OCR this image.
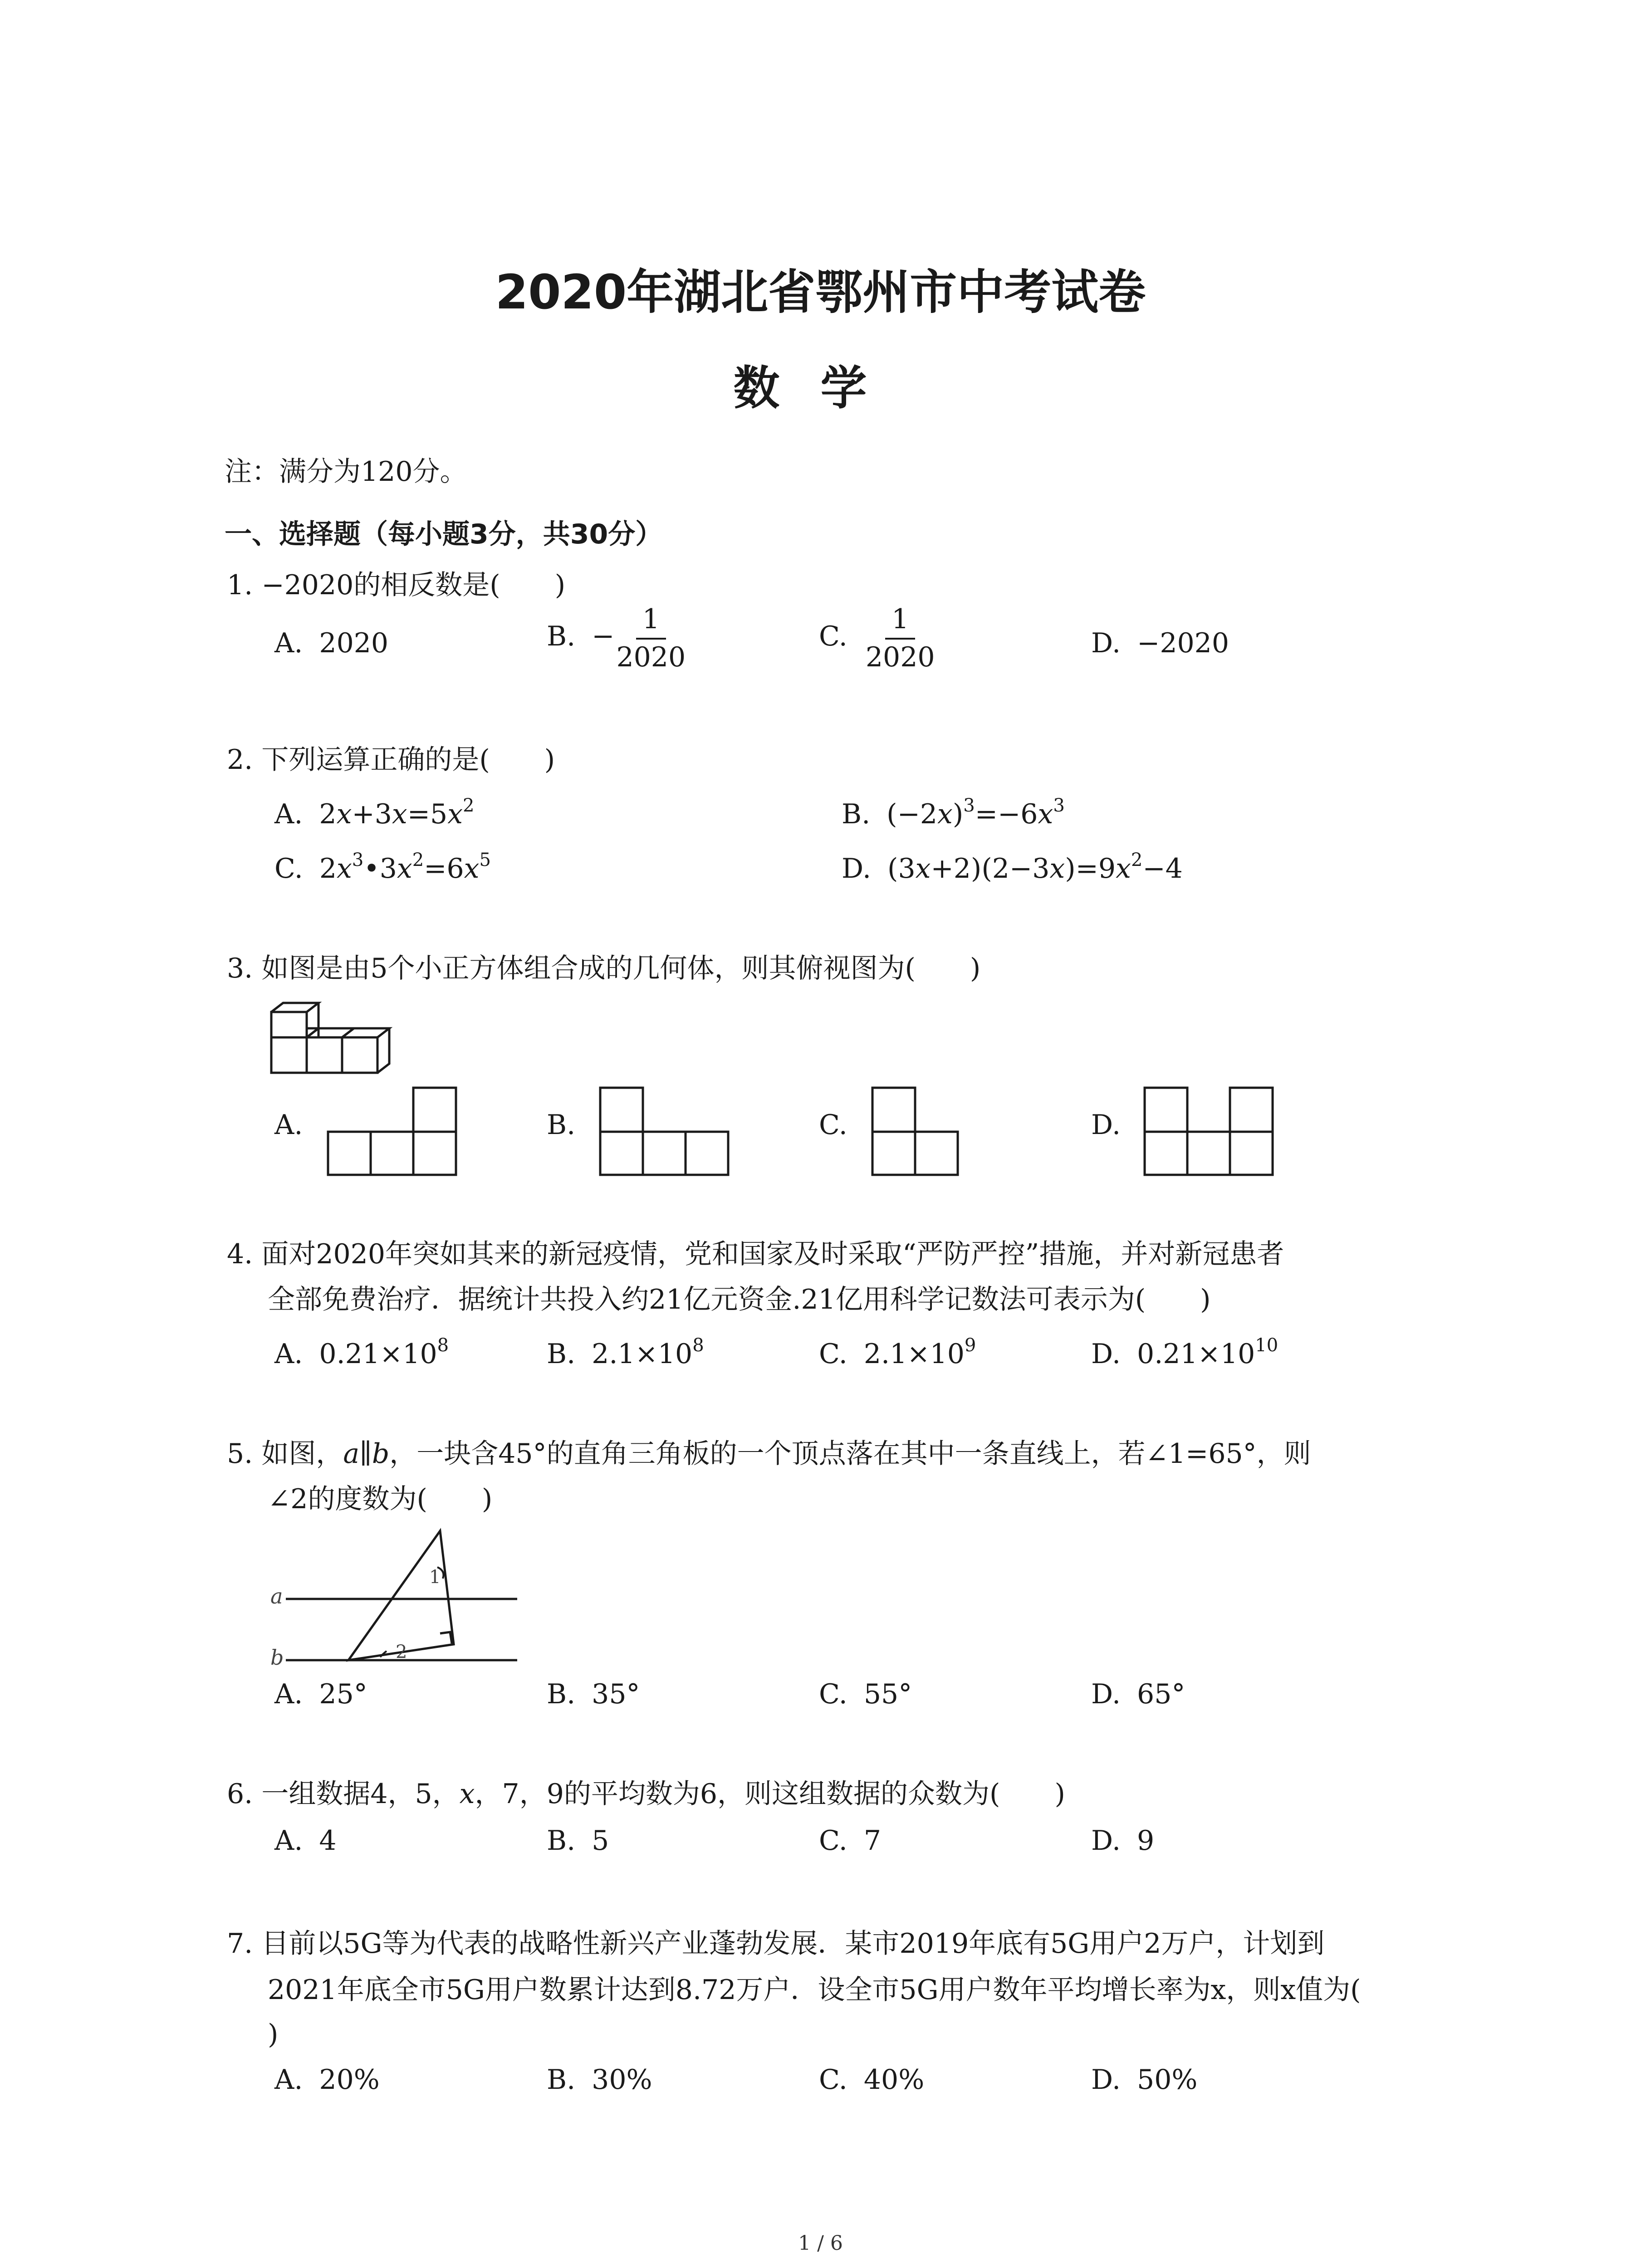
2020年湖北省鄂州市中考试卷
数学
注：满分为120分。
一、选择题（每小题3分，共30分）
1. −2020的相反数是(　　)
A. 2020	B. − $\frac{1}{2020}$	C. $\frac{1}{2020}$	D. −2020
2. 下列运算正确的是(　　)
A. $2x+3x=5x^2$	B. $(-2x)^3=-6x^3$
C. $2x^3•3x^2=6x^5$	D. $(3x+2)(2-3x)=9x^2-4$
3. 如图是由5个小正方体组合成的几何体，则其俯视图为(　　)
A.	B.	C.	D.
4. 面对2020年突如其来的新冠疫情，党和国家及时采取“严防严控”措施，并对新冠患者
全部免费治疗．据统计共投入约21亿元资金.21亿用科学记数法可表示为(　　)
A. $0.21\times 10^8$	B. $2.1\times 10^8$	C. $2.1\times 10^9$	D. $0.21\times 10^{10}$
5. 如图，a∥b，一块含45°的直角三角板的一个顶点落在其中一条直线上，若∠1=65°，则
∠2的度数为(　　)
a
b
1
2
A. 25°	B. 35°	C. 55°	D. 65°
6. 一组数据4，5，x，7，9的平均数为6，则这组数据的众数为(　　)
A. 4	B. 5	C. 7	D. 9
7. 目前以5G等为代表的战略性新兴产业蓬勃发展．某市2019年底有5G用户2万户，计划到
2021年底全市5G用户数累计达到8.72万户．设全市5G用户数年平均增长率为x，则x值为(
)
A. 20%	B. 30%	C. 40%	D. 50%
1 / 6
